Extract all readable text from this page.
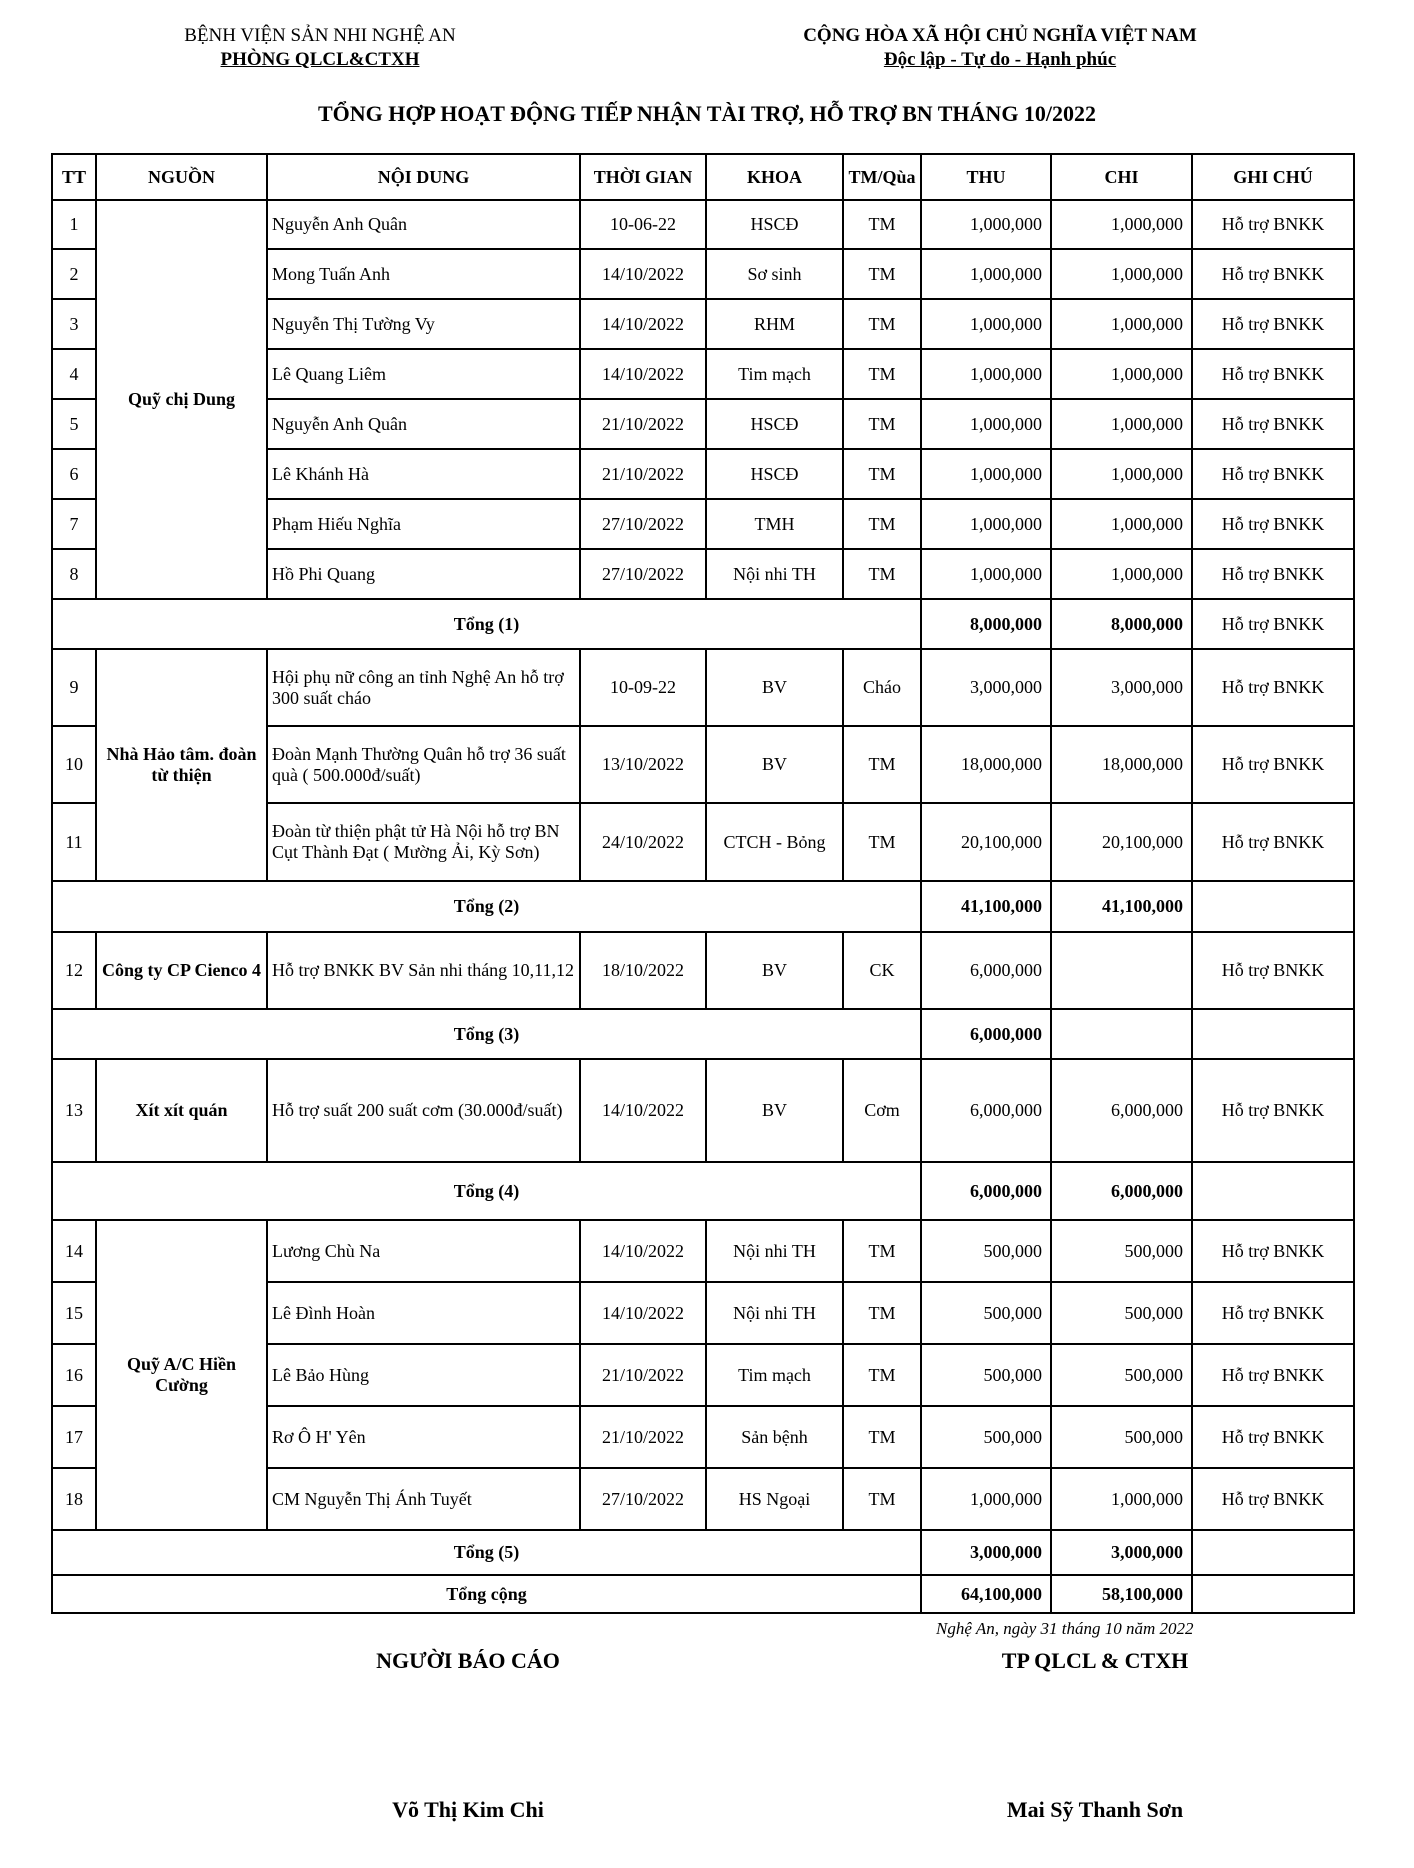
BỆNH VIỆN SẢN NHI NGHỆ AN
PHÒNG QLCL&CTXH
CỘNG HÒA XÃ HỘI CHỦ NGHĨA VIỆT NAM
Độc lập - Tự do - Hạnh phúc
TỔNG HỢP HOẠT ĐỘNG TIẾP NHẬN TÀI TRỢ, HỖ TRỢ BN THÁNG 10/2022
TT	NGUỒN	NỘI DUNG	THỜI GIAN	KHOA	TM/Qùa	THU	CHI	GHI CHÚ
1	Quỹ chị Dung	Nguyễn Anh Quân	10-06-22	HSCĐ	TM	1,000,000	1,000,000	Hỗ trợ BNKK
2		Mong Tuấn Anh	14/10/2022	Sơ sinh	TM	1,000,000	1,000,000	Hỗ trợ BNKK
3		Nguyễn Thị Tường Vy	14/10/2022	RHM	TM	1,000,000	1,000,000	Hỗ trợ BNKK
4		Lê Quang Liêm	14/10/2022	Tim mạch	TM	1,000,000	1,000,000	Hỗ trợ BNKK
5		Nguyễn Anh Quân	21/10/2022	HSCĐ	TM	1,000,000	1,000,000	Hỗ trợ BNKK
6		Lê Khánh Hà	21/10/2022	HSCĐ	TM	1,000,000	1,000,000	Hỗ trợ BNKK
7		Phạm Hiếu Nghĩa	27/10/2022	TMH	TM	1,000,000	1,000,000	Hỗ trợ BNKK
8		Hồ Phi Quang	27/10/2022	Nội nhi TH	TM	1,000,000	1,000,000	Hỗ trợ BNKK
Tổng (1)						8,000,000	8,000,000	Hỗ trợ BNKK
9	Nhà Hảo tâm. đoàn từ thiện	Hội phụ nữ công an tỉnh Nghệ An hỗ trợ 300 suất cháo	10-09-22	BV	Cháo	3,000,000	3,000,000	Hỗ trợ BNKK
10		Đoàn Mạnh Thường Quân hỗ trợ 36 suất quà ( 500.000đ/suất)	13/10/2022	BV	TM	18,000,000	18,000,000	Hỗ trợ BNKK
11		Đoàn từ thiện phật tử Hà Nội hỗ trợ BN Cụt Thành Đạt ( Mường Ải, Kỳ Sơn)	24/10/2022	CTCH - Bỏng	TM	20,100,000	20,100,000	Hỗ trợ BNKK
Tổng (2)						41,100,000	41,100,000	
12	Công ty CP Cienco 4	Hỗ trợ BNKK BV Sản nhi tháng 10,11,12	18/10/2022	BV	CK	6,000,000		Hỗ trợ BNKK
Tổng (3)						6,000,000		
13	Xít xít quán	Hỗ trợ suất 200 suất cơm (30.000đ/suất)	14/10/2022	BV	Cơm	6,000,000	6,000,000	Hỗ trợ BNKK
Tổng (4)						6,000,000	6,000,000	
14	Quỹ A/C Hiền Cường	Lương Chù Na	14/10/2022	Nội nhi TH	TM	500,000	500,000	Hỗ trợ BNKK
15		Lê Đình Hoàn	14/10/2022	Nội nhi TH	TM	500,000	500,000	Hỗ trợ BNKK
16		Lê Bảo Hùng	21/10/2022	Tim mạch	TM	500,000	500,000	Hỗ trợ BNKK
17		Rơ Ô H' Yên	21/10/2022	Sản bệnh	TM	500,000	500,000	Hỗ trợ BNKK
18		CM Nguyễn Thị Ánh Tuyết	27/10/2022	HS Ngoại	TM	1,000,000	1,000,000	Hỗ trợ BNKK
Tổng (5)						3,000,000	3,000,000	
Tổng cộng						64,100,000	58,100,000	
Nghệ An, ngày 31 tháng 10 năm 2022
NGƯỜI BÁO CÁO	TP QLCL & CTXH
Võ Thị Kim Chi	Mai Sỹ Thanh Sơn
